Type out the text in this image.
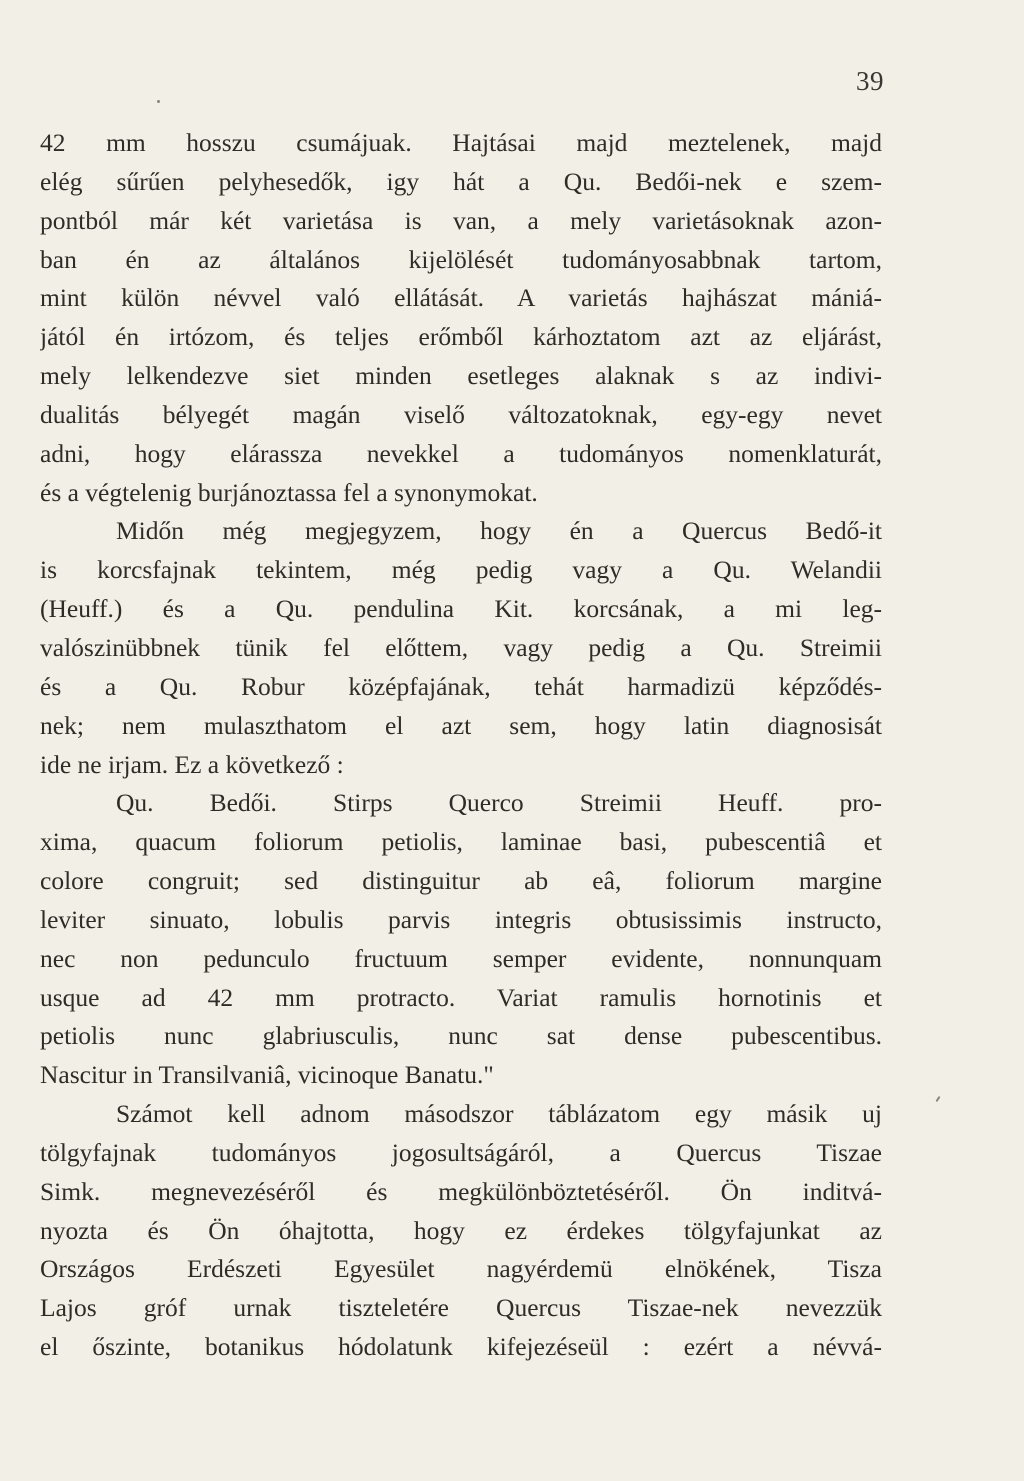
39
42 mm hosszu csumájuak. Hajtásai majd meztelenek, majd
elég sűrűen pelyhesedők, igy hát a Qu. Bedői-nek e szem-
pontból már két varietása is van, a mely varietásoknak azon-
ban én az általános kijelölését tudományosabbnak tartom,
mint külön névvel való ellátását. A varietás hajhászat mániá-
jától én irtózom, és teljes erőmből kárhoztatom azt az eljárást,
mely lelkendezve siet minden esetleges alaknak s az indivi-
dualitás bélyegét magán viselő változatoknak, egy-egy nevet
adni, hogy elárassza nevekkel a tudományos nomenklaturát,
és a végtelenig burjánoztassa fel a synonymokat.
Midőn még megjegyzem, hogy én a Quercus Bedő-it
is korcsfajnak tekintem, még pedig vagy a Qu. Welandii
(Heuff.) és a Qu. pendulina Kit. korcsának, a mi leg-
valószinübbnek tünik fel előttem, vagy pedig a Qu. Streimii
és a Qu. Robur középfajának, tehát harmadizü képződés-
nek; nem mulaszthatom el azt sem, hogy latin diagnosisát
ide ne irjam. Ez a következő :
Qu. Bedői. Stirps Querco Streimii Heuff. pro-
xima, quacum foliorum petiolis, laminae basi, pubescentiâ et
colore congruit; sed distinguitur ab eâ, foliorum margine
leviter sinuato, lobulis parvis integris obtusissimis instructo,
nec non pedunculo fructuum semper evidente, nonnunquam
usque ad 42 mm protracto. Variat ramulis hornotinis et
petiolis nunc glabriusculis, nunc sat dense pubescentibus.
Nascitur in Transilvaniâ, vicinoque Banatu."
Számot kell adnom másodszor táblázatom egy másik uj
tölgyfajnak tudományos jogosultságáról, a Quercus Tiszae
Simk. megnevezéséről és megkülönböztetéséről. Ön inditvá-
nyozta és Ön óhajtotta, hogy ez érdekes tölgyfajunkat az
Országos Erdészeti Egyesület nagyérdemü elnökének, Tisza
Lajos gróf urnak tiszteletére Quercus Tiszae-nek nevezzük
el őszinte, botanikus hódolatunk kifejezéseül : ezért a névvá-
